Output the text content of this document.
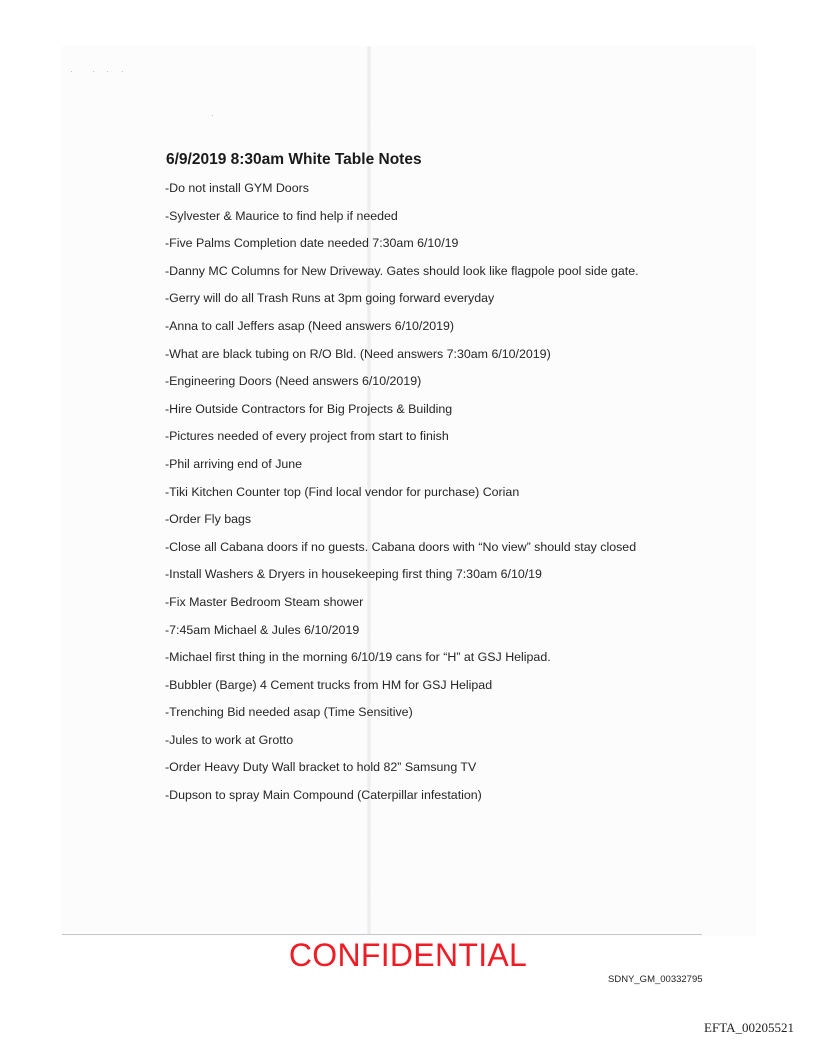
· · · ·
·
6/9/2019 8:30am White Table Notes
-Do not install GYM Doors
-Sylvester & Maurice to find help if needed
-Five Palms Completion date needed 7:30am 6/10/19
-Danny MC Columns for New Driveway. Gates should look like flagpole pool side gate.
-Gerry will do all Trash Runs at 3pm going forward everyday
-Anna to call Jeffers asap (Need answers 6/10/2019)
-What are black tubing on R/O Bld. (Need answers 7:30am 6/10/2019)
-Engineering Doors (Need answers 6/10/2019)
-Hire Outside Contractors for Big Projects & Building
-Pictures needed of every project from start to finish
-Phil arriving end of June
-Tiki Kitchen Counter top (Find local vendor for purchase) Corian
-Order Fly bags
-Close all Cabana doors if no guests. Cabana doors with “No view” should stay closed
-Install Washers & Dryers in housekeeping first thing 7:30am 6/10/19
-Fix Master Bedroom Steam shower
-7:45am Michael & Jules 6/10/2019
-Michael first thing in the morning 6/10/19 cans for “H” at GSJ Helipad.
-Bubbler (Barge) 4 Cement trucks from HM for GSJ Helipad
-Trenching Bid needed asap (Time Sensitive)
-Jules to work at Grotto
-Order Heavy Duty Wall bracket to hold 82” Samsung TV
-Dupson to spray Main Compound (Caterpillar infestation)
CONFIDENTIAL
SDNY_GM_00332795
EFTA_00205521
